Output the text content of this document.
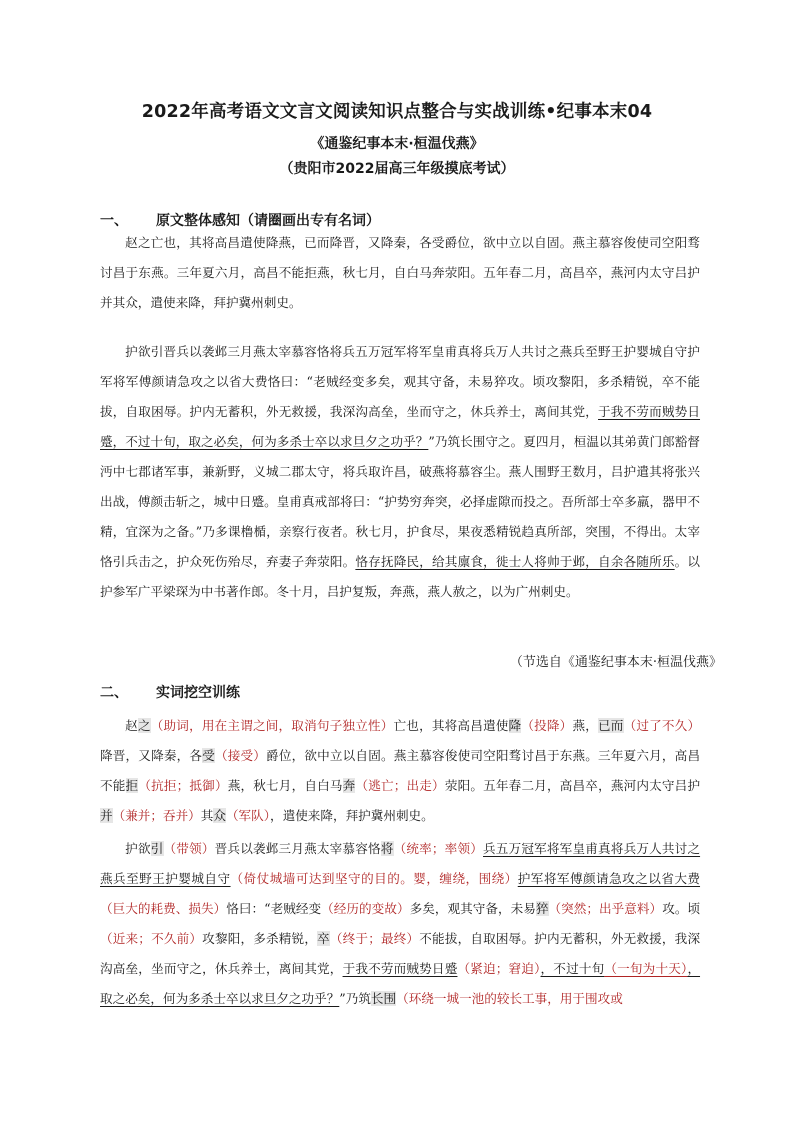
2022年高考语文文言文阅读知识点整合与实战训练•纪事本末04
《通鉴纪事本末·桓温伐燕》
（贵阳市2022届高三年级摸底考试）
一、 原文整体感知（请圈画出专有名词）
赵之亡也，其将高昌遣使降燕，已而降晋，又降秦，各受爵位，欲中立以自固。燕主慕容俊使司空阳骛讨昌于东燕。三年夏六月，高昌不能拒燕，秋七月，自白马奔荥阳。五年春二月，高昌卒，燕河内太守吕护并其众，遣使来降，拜护冀州刺史。
护欲引晋兵以袭邺三月燕太宰慕容恪将兵五万冠军将军皇甫真将兵万人共讨之燕兵至野王护婴城自守护军将军傅颜请急攻之以省大费恪曰：“老贼经变多矣，观其守备，未易猝攻。顷攻黎阳，多杀精锐，卒不能拔，自取困辱。护内无蓄积，外无救援，我深沟高垒，坐而守之，休兵养士，离间其党，于我不劳而贼势日蹙，不过十旬，取之必矣，何为多杀士卒以求旦夕之功乎？”乃筑长围守之。夏四月，桓温以其弟黄门郎豁督沔中七郡诸军事，兼新野，义城二郡太守，将兵取许昌，破燕将慕容尘。燕人围野王数月，吕护遣其将张兴出战，傅颜击斩之，城中日蹙。皇甫真戒部将曰：“护势穷奔突，必择虚隙而投之。吾所部士卒多羸，器甲不精，宜深为之备。”乃多课橹楯，亲察行夜者。秋七月，护食尽，果夜悉精锐趋真所部，突围，不得出。太宰恪引兵击之，护众死伤殆尽，弃妻子奔荥阳。恪存抚降民，给其廪食，徙士人将帅于邺，自余各随所乐。以护参军广平梁琛为中书著作郎。冬十月，吕护复叛，奔燕，燕人赦之，以为广州刺史。
（节选自《通鉴纪事本末·桓温伐燕》
二、 实词挖空训练
赵之（助词，用在主谓之间，取消句子独立性）亡也，其将高昌遣使降（投降）燕，已而（过了不久）降晋，又降秦，各受（接受）爵位，欲中立以自固。燕主慕容俊使司空阳骛讨昌于东燕。三年夏六月，高昌不能拒（抗拒；抵御）燕，秋七月，自白马奔（逃亡；出走）荥阳。五年春二月，高昌卒，燕河内太守吕护并（兼并；吞并）其众（军队），遣使来降，拜护冀州刺史。
护欲引（带领）晋兵以袭邺三月燕太宰慕容恪将（统率；率领）兵五万冠军将军皇甫真将兵万人共讨之燕兵至野王护婴城自守（倚仗城墙可达到坚守的目的。婴，缠绕，围绕）护军将军傅颜请急攻之以省大费（巨大的耗费、损失）恪曰：“老贼经变（经历的变故）多矣，观其守备，未易猝（突然；出乎意料）攻。顷（近来；不久前）攻黎阳，多杀精锐，卒（终于；最终）不能拔，自取困辱。护内无蓄积，外无救援，我深沟高垒，坐而守之，休兵养士，离间其党，于我不劳而贼势日蹙（紧迫；窘迫），不过十旬（一旬为十天），取之必矣，何为多杀士卒以求旦夕之功乎？”乃筑长围（环绕一城一池的较长工事，用于围攻或
